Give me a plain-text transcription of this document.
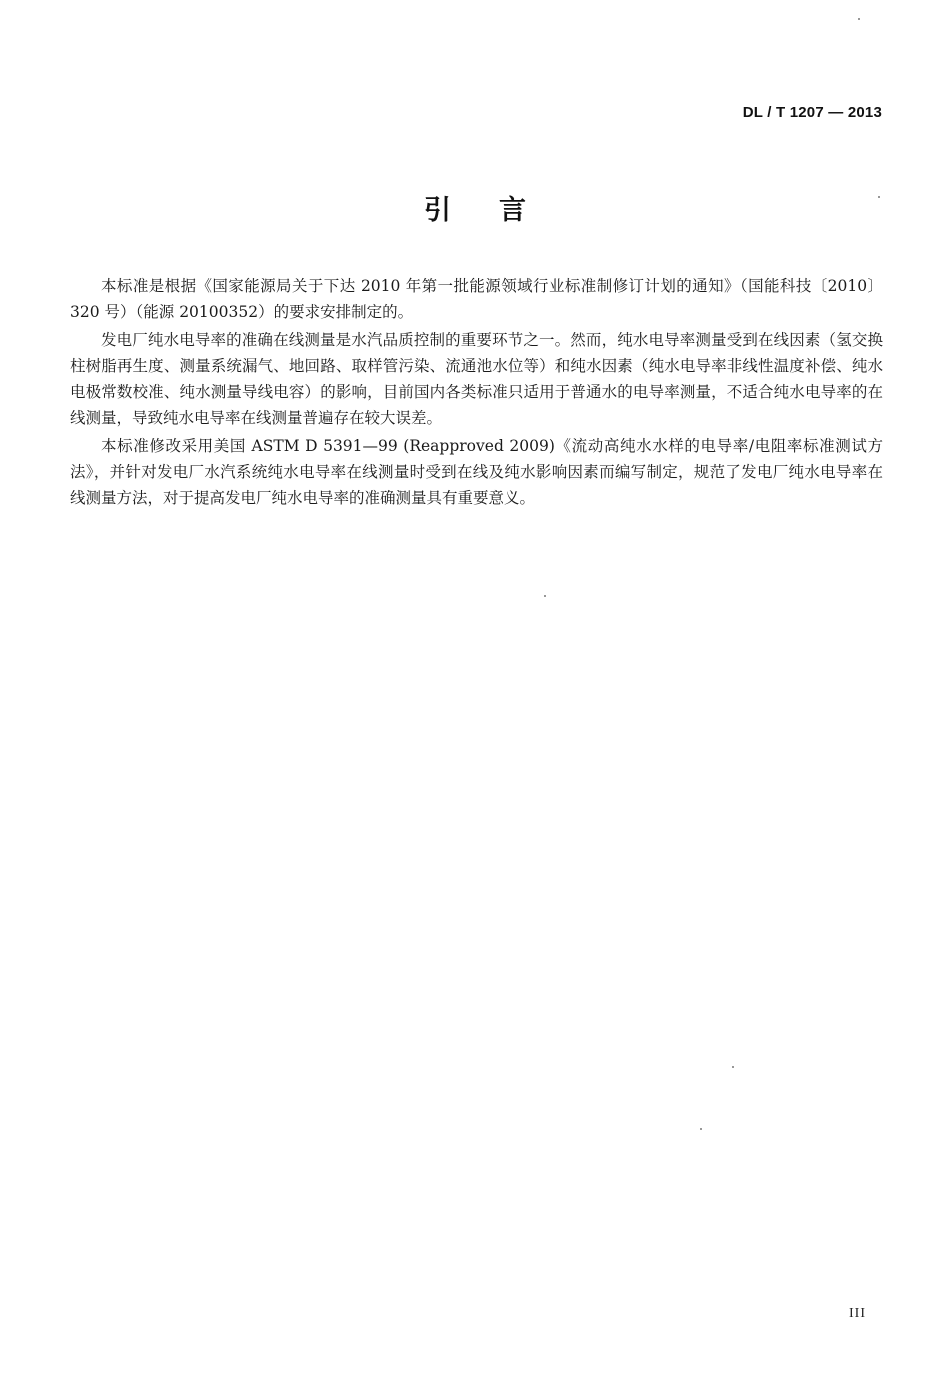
DL / T 1207 — 2013
引言

本标准是根据《国家能源局关于下达 2010 年第一批能源领域行业标准制修订计划的通知》（国能科技〔2010〕320 号）（能源 20100352）的要求安排制定的。

发电厂纯水电导率的准确在线测量是水汽品质控制的重要环节之一。然而，纯水电导率测量受到在线因素（氢交换柱树脂再生度、测量系统漏气、地回路、取样管污染、流通池水位等）和纯水因素（纯水电导率非线性温度补偿、纯水电极常数校准、纯水测量导线电容）的影响，目前国内各类标准只适用于普通水的电导率测量，不适合纯水电导率的在线测量，导致纯水电导率在线测量普遍存在较大误差。

本标准修改采用美国 ASTM D 5391—99 (Reapproved 2009)《流动高纯水水样的电导率/电阻率标准测试方法》，并针对发电厂水汽系统纯水电导率在线测量时受到在线及纯水影响因素而编写制定，规范了发电厂纯水电导率在线测量方法，对于提高发电厂纯水电导率的准确测量具有重要意义。

III
